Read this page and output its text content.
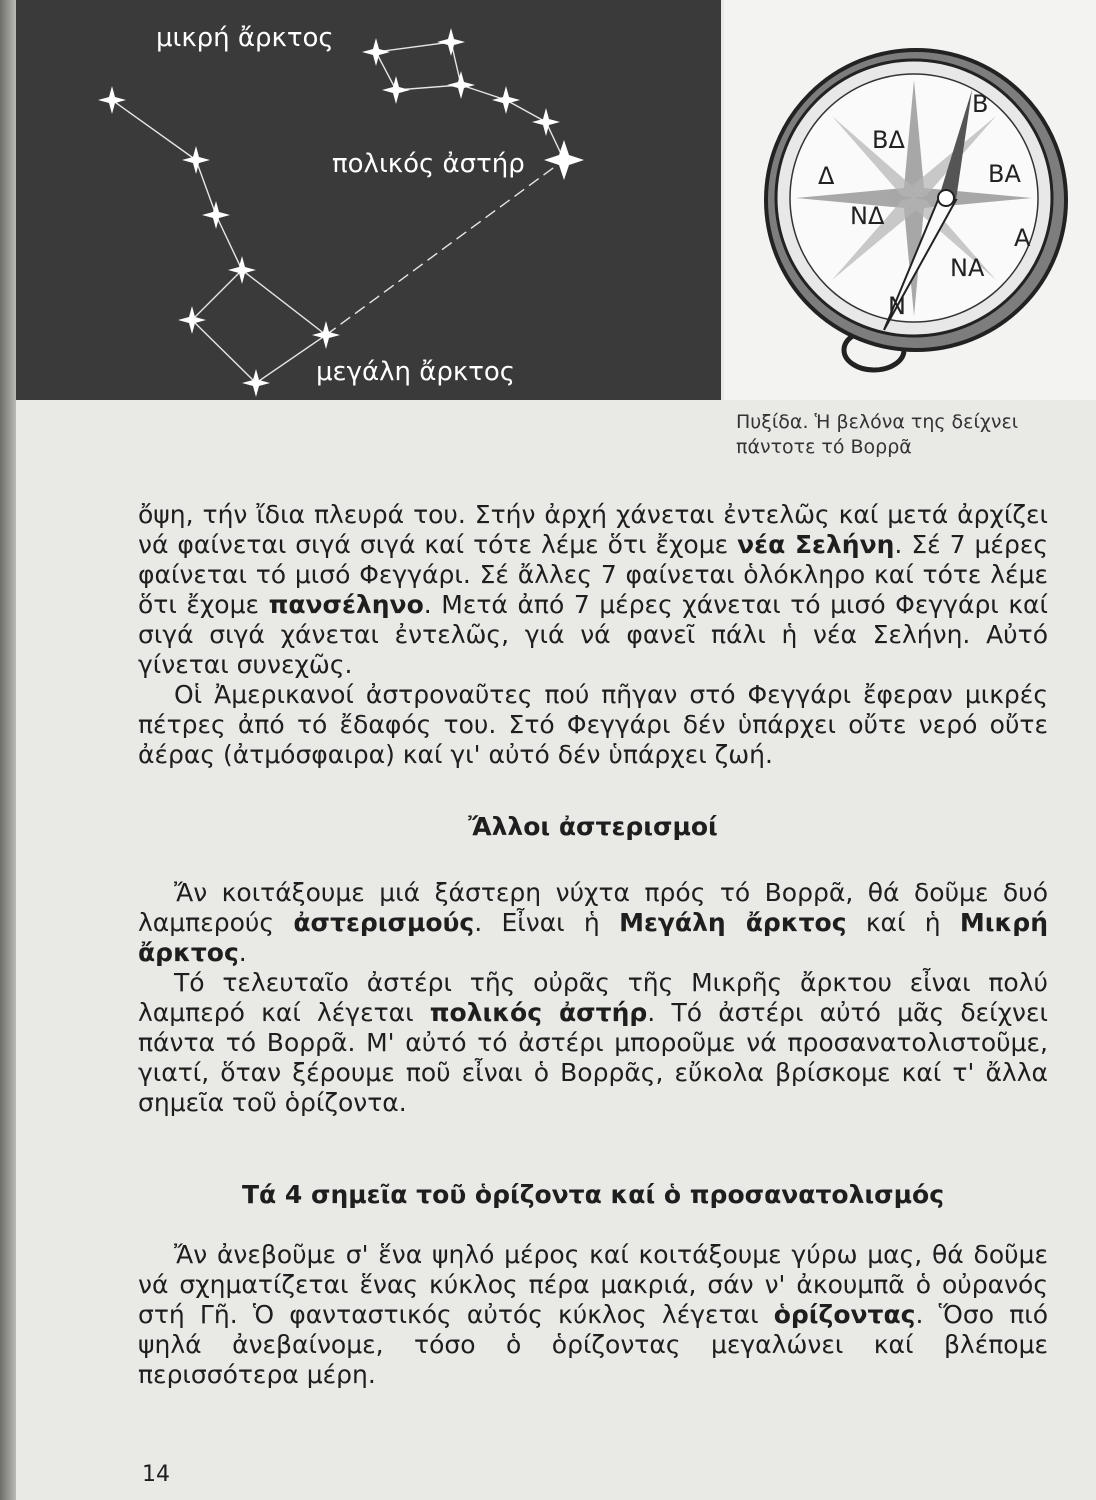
μικρή ἄρκτος
πολικός ἀστήρ
μεγάλη ἄρκτος
Β
Ν
Α
Δ	ΒΑ
ΒΔ
ΝΑ
ΝΔ
Πυξίδα. Ἡ βελόνα της δείχνει
πάντοτε τό Βορρᾶ

ὄψη, τήν ἴδια πλευρά του. Στήν ἀρχή χάνεται ἐντελῶς καί μετά ἀρχίζει νά φαίνεται σιγά σιγά καί τότε λέμε ὅτι ἔχομε νέα Σελήνη. Σέ 7 μέρες φαίνεται τό μισό Φεγγάρι. Σέ ἄλλες 7 φαίνεται ὁλόκληρο καί τότε λέμε ὅτι ἔχομε πανσέληνο. Μετά ἀπό 7 μέρες χάνεται τό μισό Φεγγάρι καί σιγά σιγά χάνεται ἐντελῶς, γιά νά φανεῖ πάλι ἡ νέα Σελήνη. Αὐτό γίνεται συνεχῶς.

Οἱ Ἀμερικανοί ἀστροναῦτες πού πῆγαν στό Φεγγάρι ἔφεραν μικρές πέτρες ἀπό τό ἔδαφός του. Στό Φεγγάρι δέν ὑπάρχει οὔτε νερό οὔτε ἀέρας (ἀτμόσφαιρα) καί γι' αὐτό δέν ὑπάρχει ζωή.

Ἄλλοι ἀστερισμοί

Ἄν κοιτάξουμε μιά ξάστερη νύχτα πρός τό Βορρᾶ, θά δοῦμε δυό λαμπερούς ἀστερισμούς. Εἶναι ἡ Μεγάλη ἄρκτος καί ἡ Μικρή ἄρκτος.

Τό τελευταῖο ἀστέρι τῆς οὐρᾶς τῆς Μικρῆς ἄρκτου εἶναι πολύ λαμπερό καί λέγεται πολικός ἀστήρ. Τό ἀστέρι αὐτό μᾶς δείχνει πάντα τό Βορρᾶ. Μ' αὐτό τό ἀστέρι μποροῦμε νά προσανατολιστοῦμε, γιατί, ὅταν ξέρουμε ποῦ εἶναι ὁ Βορρᾶς, εὔκολα βρίσκομε καί τ' ἄλλα σημεῖα τοῦ ὁρίζοντα.

Τά 4 σημεῖα τοῦ ὁρίζοντα καί ὁ προσανατολισμός

Ἄν ἀνεβοῦμε σ' ἕνα ψηλό μέρος καί κοιτάξουμε γύρω μας, θά δοῦμε νά σχηματίζεται ἕνας κύκλος πέρα μακριά, σάν ν' ἀκουμπᾶ ὁ οὐρανός στή Γῆ. Ὁ φανταστικός αὐτός κύκλος λέγεται ὁρίζοντας. Ὅσο πιό ψηλά ἀνεβαίνομε, τόσο ὁ ὁρίζοντας μεγαλώνει καί βλέπομε περισσότερα μέρη.

14
